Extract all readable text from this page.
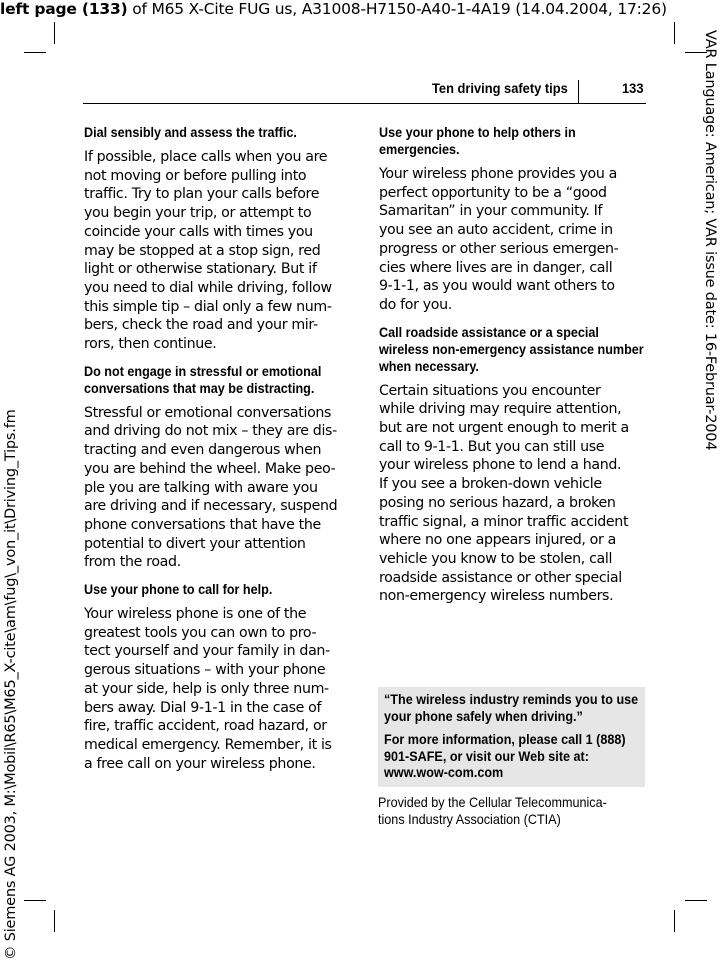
left page (133) of M65 X-Cite FUG us, A31008-H7150-A40-1-4A19 (14.04.2004, 17:26)
VAR Language: American; VAR issue date: 16-Februar-2004
© Siemens AG 2003, M:\Mobil\R65\M65_X-cite\am\fug\_von_it\Driving_Tips.fm
Ten driving safety tips	133
Dial sensibly and assess the traffic.
If possible, place calls when you are
not moving or before pulling into
traffic. Try to plan your calls before
you begin your trip, or attempt to
coincide your calls with times you
may be stopped at a stop sign, red
light or otherwise stationary. But if
you need to dial while driving, follow
this simple tip – dial only a few num-
bers, check the road and your mir-
rors, then continue.
Do not engage in stressful or emotional conversations that may be distracting.
Stressful or emotional conversations
and driving do not mix – they are dis-
tracting and even dangerous when
you are behind the wheel. Make peo-
ple you are talking with aware you
are driving and if necessary, suspend
phone conversations that have the
potential to divert your attention
from the road.
Use your phone to call for help.
Your wireless phone is one of the
greatest tools you can own to pro-
tect yourself and your family in dan-
gerous situations – with your phone
at your side, help is only three num-
bers away. Dial 9-1-1 in the case of
fire, traffic accident, road hazard, or
medical emergency. Remember, it is
a free call on your wireless phone.
Use your phone to help others in emergencies.
Your wireless phone provides you a
perfect opportunity to be a “good
Samaritan” in your community. If
you see an auto accident, crime in
progress or other serious emergen-
cies where lives are in danger, call
9-1-1, as you would want others to
do for you.
Call roadside assistance or a special wireless non-emergency assistance number when necessary.
Certain situations you encounter
while driving may require attention,
but are not urgent enough to merit a
call to 9-1-1. But you can still use
your wireless phone to lend a hand.
If you see a broken-down vehicle
posing no serious hazard, a broken
traffic signal, a minor traffic accident
where no one appears injured, or a
vehicle you know to be stolen, call
roadside assistance or other special
non-emergency wireless numbers.
“The wireless industry reminds you to use your phone safely when driving.”
For more information, please call 1 (888) 901-SAFE, or visit our Web site at: www.wow-com.com
Provided by the Cellular Telecommunica-tions Industry Association (CTIA)
